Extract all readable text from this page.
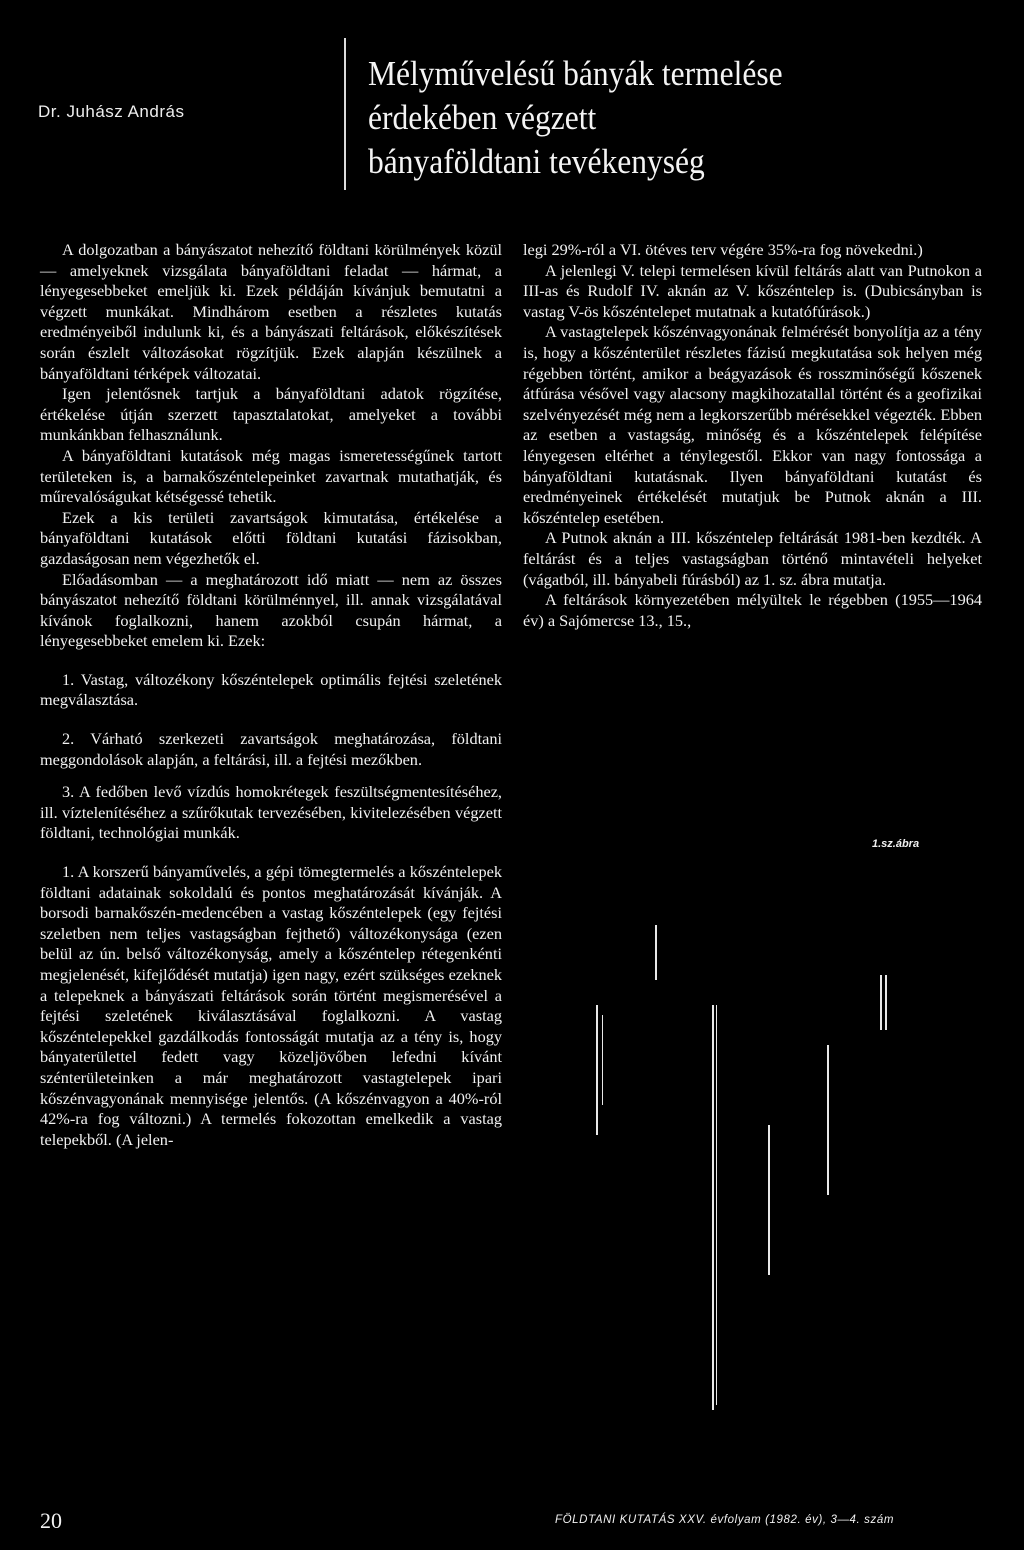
Dr. Juhász András
Mélyművelésű bányák termelése
érdekében végzett
bányaföldtani tevékenység

A dolgozatban a bányászatot nehezítő földtani körülmények közül — amelyeknek vizsgálata bányaföldtani feladat — hármat, a lényegesebbeket emeljük ki. Ezek példáján kívánjuk bemutatni a végzett munkákat. Mindhárom esetben a részletes kutatás eredményeiből indulunk ki, és a bányászati feltárások, előkészítések során észlelt változásokat rögzítjük. Ezek alapján készülnek a bányaföldtani térképek változatai.

Igen jelentősnek tartjuk a bányaföldtani adatok rögzítése, értékelése útján szerzett tapasztalatokat, amelyeket a további munkánkban felhasználunk.

A bányaföldtani kutatások még magas ismeretességűnek tartott területeken is, a barnakőszéntelepeinket zavartnak mutathatják, és műrevalóságukat kétségessé tehetik.

Ezek a kis területi zavartságok kimutatása, értékelése a bányaföldtani kutatások előtti földtani kutatási fázisokban, gazdaságosan nem végezhetők el.

Előadásomban — a meghatározott idő miatt — nem az összes bányászatot nehezítő földtani körülménnyel, ill. annak vizsgálatával kívánok foglalkozni, hanem azokból csupán hármat, a lényegesebbeket emelem ki. Ezek:

1. Vastag, változékony kőszéntelepek optimális fejtési szeletének megválasztása.

2. Várható szerkezeti zavartságok meghatározása, földtani meggondolások alapján, a feltárási, ill. a fejtési mezőkben.

3. A fedőben levő vízdús homokrétegek feszültségmentesítéséhez, ill. víztelenítéséhez a szűrőkutak tervezésében, kivitelezésében végzett földtani, technológiai munkák.

1. A korszerű bányaművelés, a gépi tömegtermelés a kőszéntelepek földtani adatainak sokoldalú és pontos meghatározását kívánják. A borsodi barnakőszén-medencében a vastag kőszéntelepek (egy fejtési szeletben nem teljes vastagságban fejthető) változékonysága (ezen belül az ún. belső változékonyság, amely a kőszéntelep rétegenkénti megjelenését, kifejlődését mutatja) igen nagy, ezért szükséges ezeknek a telepeknek a bányászati feltárások során történt megismerésével a fejtési szeletének kiválasztásával foglalkozni. A vastag kőszéntelepekkel gazdálkodás fontosságát mutatja az a tény is, hogy bányaterülettel fedett vagy közeljövőben lefedni kívánt szénterületeinken a már meghatározott vastagtelepek ipari kőszénvagyonának mennyisége jelentős. (A kőszénvagyon a 40%-ról 42%-ra fog változni.) A termelés fokozottan emelkedik a vastag telepekből. (A jelen-

legi 29%-ról a VI. ötéves terv végére 35%-ra fog növekedni.)

A jelenlegi V. telepi termelésen kívül feltárás alatt van Putnokon a III-as és Rudolf IV. aknán az V. kőszéntelep is. (Dubicsányban is vastag V-ös kőszéntelepet mutatnak a kutatófúrások.)

A vastagtelepek kőszénvagyonának felmérését bonyolítja az a tény is, hogy a kőszénterület részletes fázisú megkutatása sok helyen még régebben történt, amikor a beágyazások és rosszminőségű kőszenek átfúrása vésővel vagy alacsony magkihozatallal történt és a geofizikai szelvényezését még nem a legkorszerűbb mérésekkel végezték. Ebben az esetben a vastagság, minőség és a kőszéntelepek felépítése lényegesen eltérhet a ténylegestől. Ekkor van nagy fontossága a bányaföldtani kutatásnak. Ilyen bányaföldtani kutatást és eredményeinek értékelését mutatjuk be Putnok aknán a III. kőszéntelep esetében.

A Putnok aknán a III. kőszéntelep feltárását 1981-ben kezdték. A feltárást és a teljes vastagságban történő mintavételi helyeket (vágatból, ill. bányabeli fúrásból) az 1. sz. ábra mutatja.

A feltárások környezetében mélyültek le régebben (1955—1964 év) a Sajómercse 13., 15.,

1.sz.ábra
20	FÖLDTANI KUTATÁS XXV. évfolyam (1982. év), 3—4. szám
